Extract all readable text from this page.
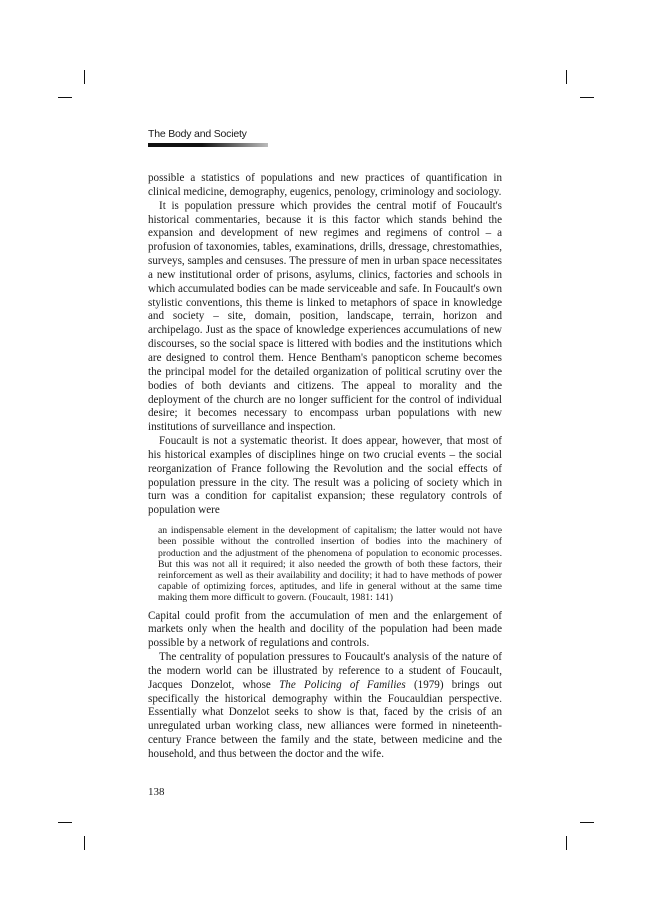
The Body and Society

possible a statistics of populations and new practices of quantification in clinical medicine, demography, eugenics, penology, criminology and sociology.

It is population pressure which provides the central motif of Foucault's historical commentaries, because it is this factor which stands behind the expansion and development of new regimes and regimens of control – a profusion of taxonomies, tables, examinations, drills, dressage, chrestomathies, surveys, samples and censuses. The pressure of men in urban space necessitates a new institutional order of prisons, asylums, clinics, factories and schools in which accumulated bodies can be made serviceable and safe. In Foucault's own stylistic conventions, this theme is linked to metaphors of space in knowledge and society – site, domain, position, landscape, terrain, horizon and archipelago. Just as the space of knowledge experiences accumulations of new discourses, so the social space is littered with bodies and the institutions which are designed to control them. Hence Bentham's panopticon scheme becomes the principal model for the detailed organization of political scrutiny over the bodies of both deviants and citizens. The appeal to morality and the deployment of the church are no longer sufficient for the control of individual desire; it becomes necessary to encompass urban populations with new institutions of surveillance and inspection.

Foucault is not a systematic theorist. It does appear, however, that most of his historical examples of disciplines hinge on two crucial events – the social reorganization of France following the Revolution and the social effects of population pressure in the city. The result was a policing of society which in turn was a condition for capitalist expansion; these regulatory controls of population were

an indispensable element in the development of capitalism; the latter would not have been possible without the controlled insertion of bodies into the machinery of production and the adjustment of the phenomena of population to economic processes. But this was not all it required; it also needed the growth of both these factors, their reinforcement as well as their availability and docility; it had to have methods of power capable of optimizing forces, aptitudes, and life in general without at the same time making them more difficult to govern. (Foucault, 1981: 141)

Capital could profit from the accumulation of men and the enlargement of markets only when the health and docility of the population had been made possible by a network of regulations and controls.

The centrality of population pressures to Foucault's analysis of the nature of the modern world can be illustrated by reference to a student of Foucault, Jacques Donzelot, whose The Policing of Families (1979) brings out specifically the historical demography within the Foucauldian perspective. Essentially what Donzelot seeks to show is that, faced by the crisis of an unregulated urban working class, new alliances were formed in nineteenth-century France between the family and the state, between medicine and the household, and thus between the doctor and the wife.

138
